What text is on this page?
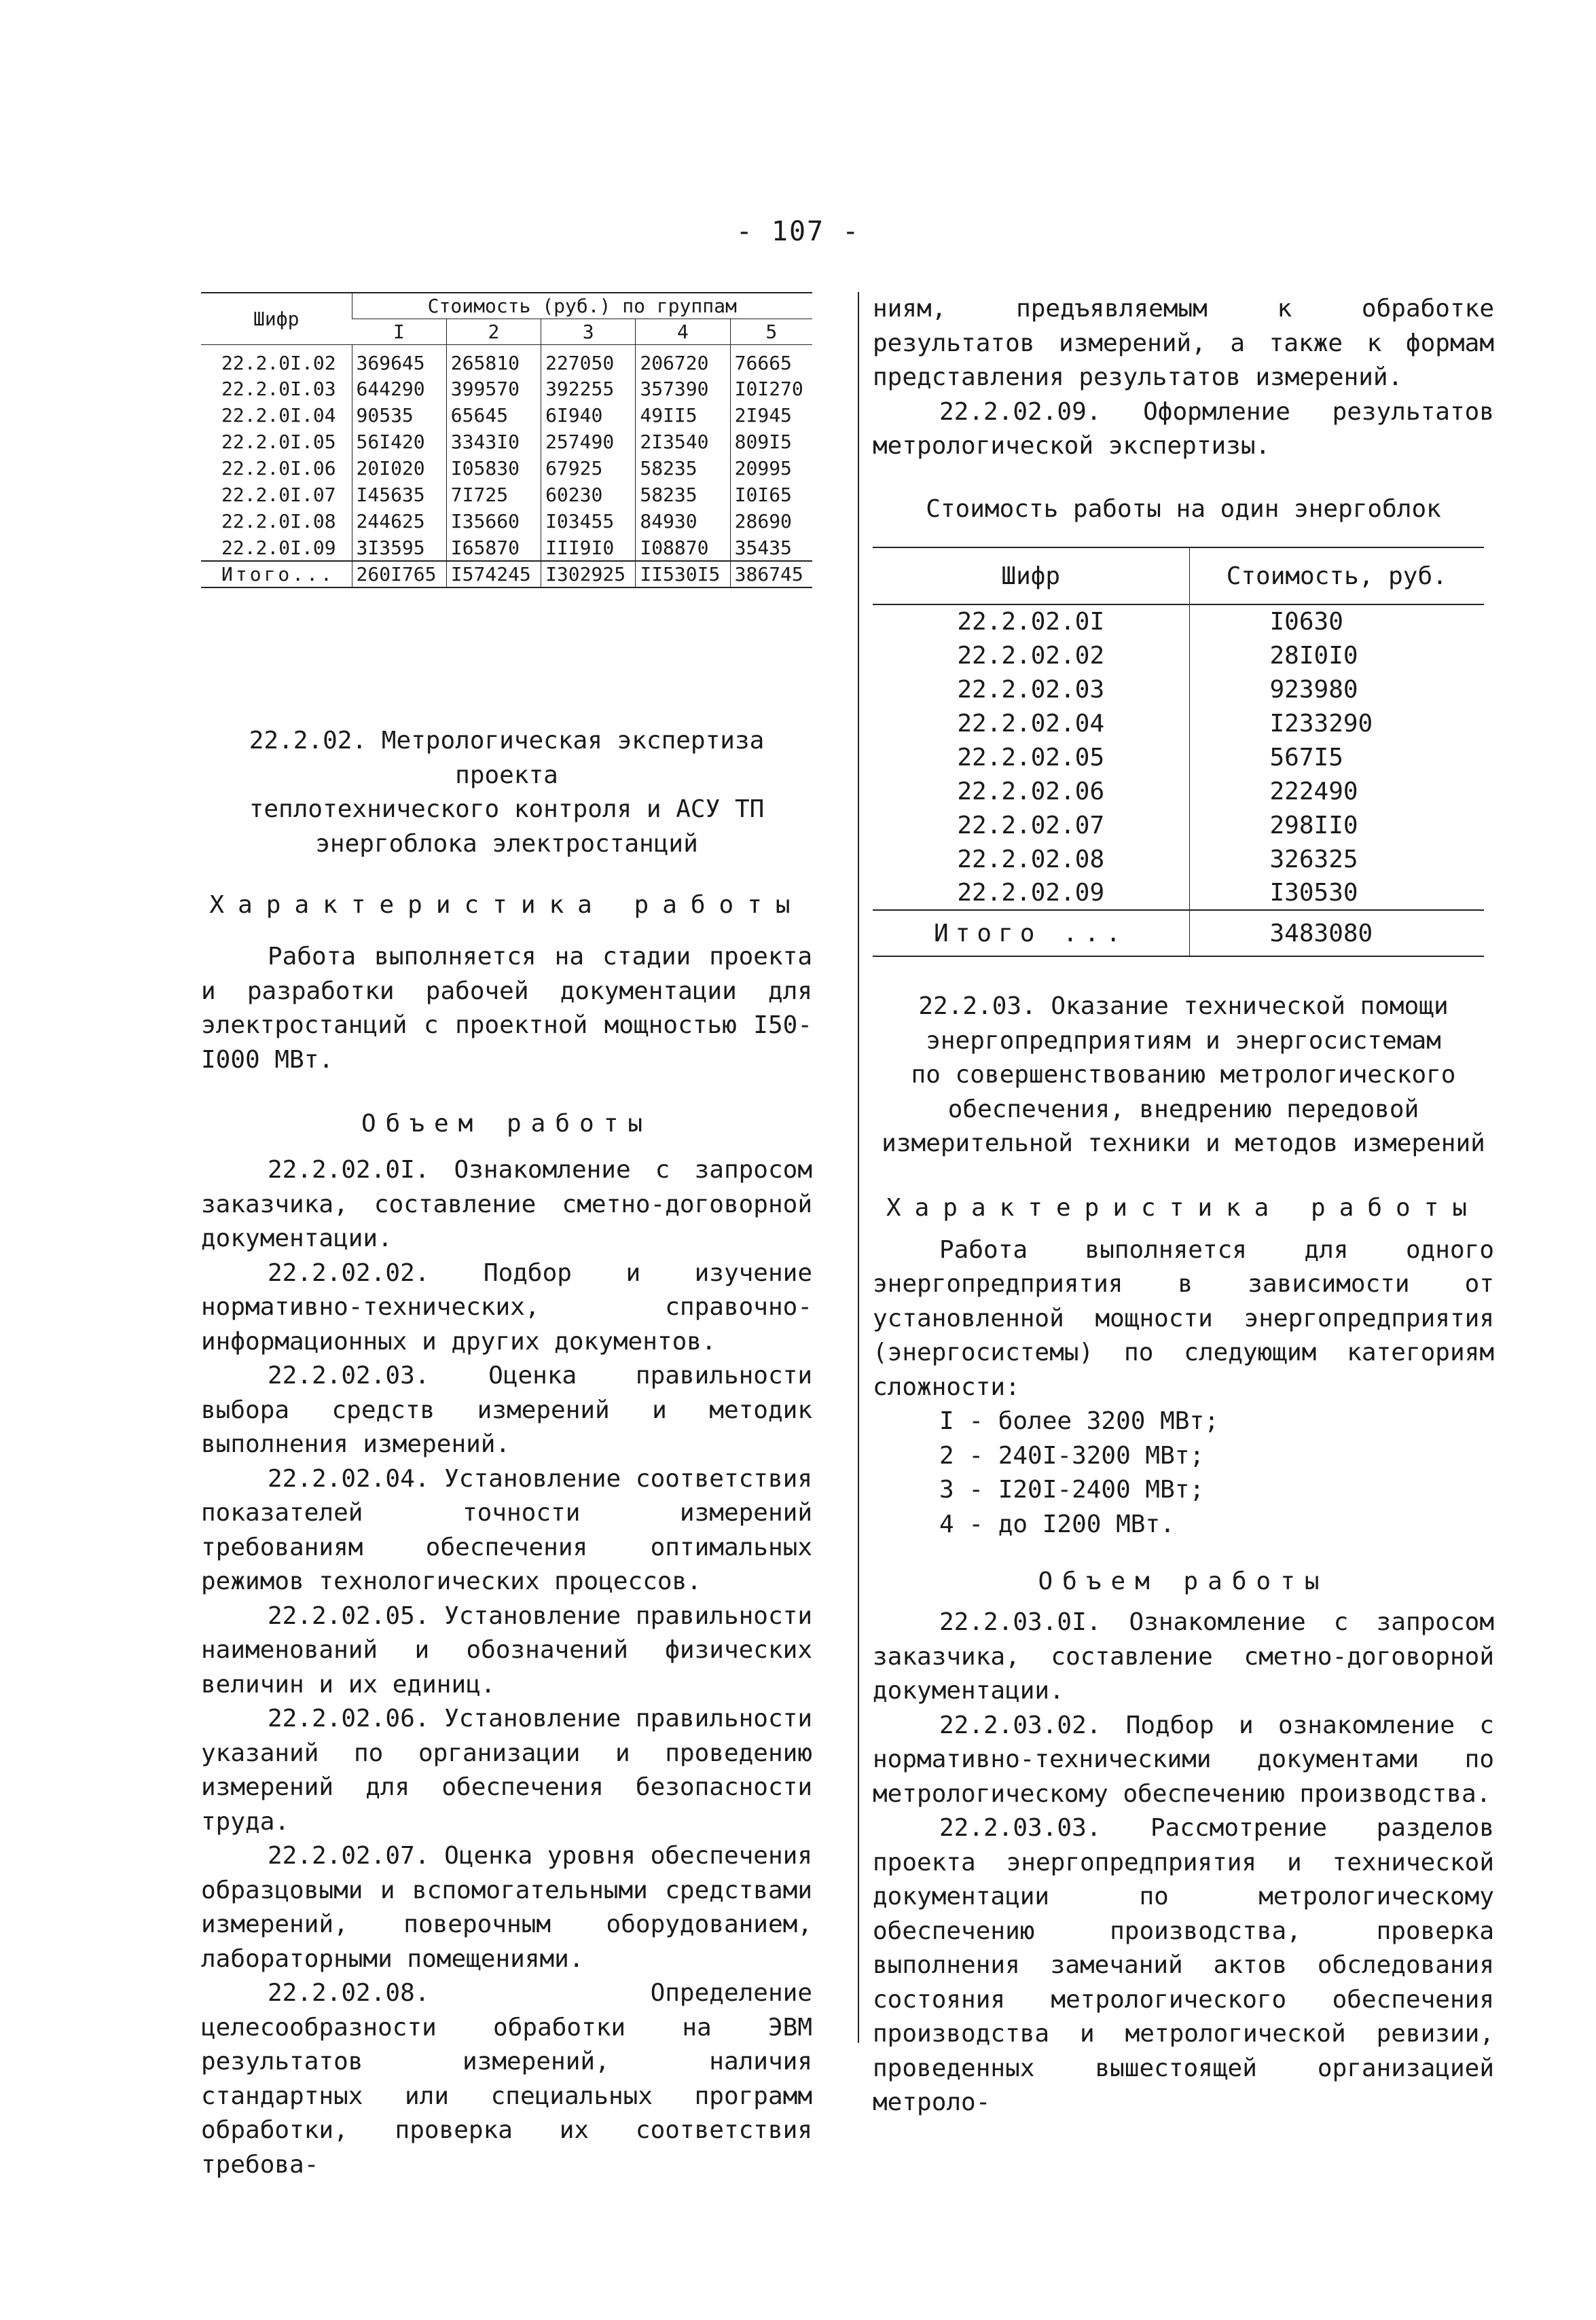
- 107 -
Шифр	Стоимость (руб.) по группам				
	I	2	3	4	5
22.2.0I.02	369645	265810	227050	206720	76665
22.2.0I.03	644290	399570	392255	357390	I0I270
22.2.0I.04	90535	65645	6I940	49II5	2I945
22.2.0I.05	56I420	3343I0	257490	2I3540	809I5
22.2.0I.06	20I020	I05830	67925	58235	20995
22.2.0I.07	I45635	7I725	60230	58235	I0I65
22.2.0I.08	244625	I35660	I03455	84930	28690
22.2.0I.09	3I3595	I65870	III9I0	I08870	35435
Итого...	260I765	I574245	I302925	II530I5	386745
22.2.02. Метрологическая экспертиза проекта
теплотехнического контроля и АСУ ТП
энергоблока электростанций
Характеристика работы
Работа выполняется на стадии проекта и разработки рабочей документации для электростанций с проектной мощностью I50-I000 МВт.
Объем работы
22.2.02.0I. Ознакомление с запросом заказчика, составление сметно-договорной документации.
22.2.02.02. Подбор и изучение нормативно-технических, справочно-информационных и других документов.
22.2.02.03. Оценка правильности выбора средств измерений и методик выполнения измерений.
22.2.02.04. Установление соответствия показателей точности измерений требованиям обеспечения оптимальных режимов технологических процессов.
22.2.02.05. Установление правильности наименований и обозначений физических величин и их единиц.
22.2.02.06. Установление правильности указаний по организации и проведению измерений для обеспечения безопасности труда.
22.2.02.07. Оценка уровня обеспечения образцовыми и вспомогательными средствами измерений, поверочным оборудованием, лабораторными помещениями.
22.2.02.08. Определение целесообразности обработки на ЭВМ результатов измерений, наличия стандартных или специальных программ обработки, проверка их соответствия требова-
ниям, предъявляемым к обработке результатов измерений, а также к формам представления результатов измерений.
22.2.02.09. Оформление результатов метрологической экспертизы.
Стоимость работы на один энергоблок
Шифр	Стоимость, руб.
22.2.02.0I	I0630
22.2.02.02	28I0I0
22.2.02.03	923980
22.2.02.04	I233290
22.2.02.05	567I5
22.2.02.06	222490
22.2.02.07	298II0
22.2.02.08	326325
22.2.02.09	I30530
Итого ...	3483080
22.2.03. Оказание технической помощи
энергопредприятиям и энергосистемам
по совершенствованию метрологического
обеспечения, внедрению передовой
измерительной техники и методов измерений
Характеристика работы
Работа выполняется для одного энергопредприятия в зависимости от установленной мощности энергопредприятия (энергосистемы) по следующим категориям сложности:
I - более 3200 МВт;
2 - 240I-3200 МВт;
3 - I20I-2400 МВт;
4 - до I200 МВт.
Объем работы
22.2.03.0I. Ознакомление с запросом заказчика, составление сметно-договорной документации.
22.2.03.02. Подбор и ознакомление с нормативно-техническими документами по метрологическому обеспечению производства.
22.2.03.03. Рассмотрение разделов проекта энергопредприятия и технической документации по метрологическому обеспечению производства, проверка выполнения замечаний актов обследования состояния метрологического обеспечения производства и метрологической ревизии, проведенных вышестоящей организацией метроло-
